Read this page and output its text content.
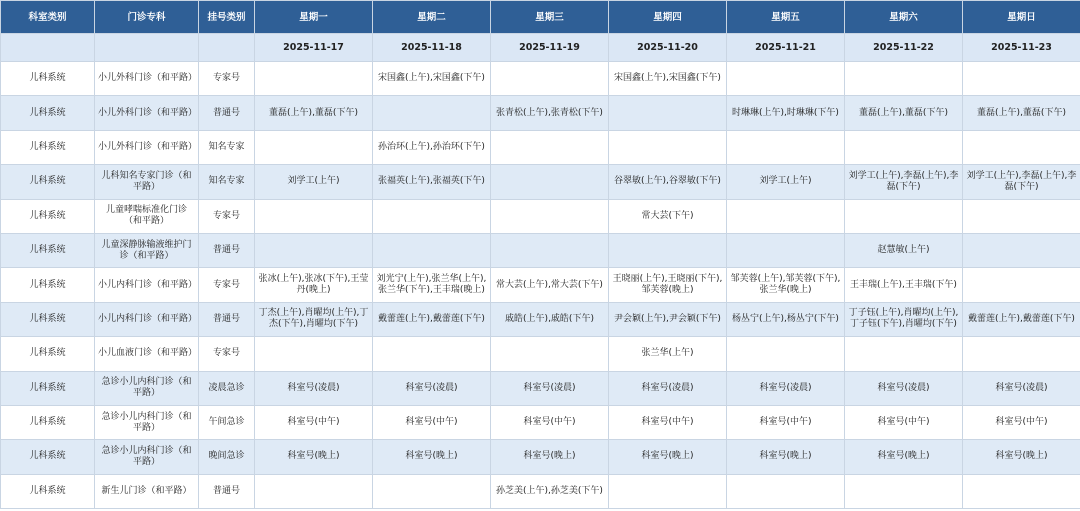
科室类别	门诊专科	挂号类别	星期一	星期二	星期三	星期四	星期五	星期六	星期日
			2025-11-17	2025-11-18	2025-11-19	2025-11-20	2025-11-21	2025-11-22	2025-11-23
儿科系统	小儿外科门诊（和平路）	专家号		宋国鑫(上午),宋国鑫(下午)		宋国鑫(上午),宋国鑫(下午)			
儿科系统	小儿外科门诊（和平路）	普通号	董磊(上午),董磊(下午)		张青松(上午),张青松(下午)		时琳琳(上午),时琳琳(下午)	董磊(上午),董磊(下午)	董磊(上午),董磊(下午)
儿科系统	小儿外科门诊（和平路）	知名专家		孙治环(上午),孙治环(下午)					
儿科系统	儿科知名专家门诊（和平路）	知名专家	刘学工(上午)	张福英(上午),张福英(下午)		谷翠敏(上午),谷翠敏(下午)	刘学工(上午)	刘学工(上午),李磊(上午),李磊(下午)	刘学工(上午),李磊(上午),李磊(下午)
儿科系统	儿童哮喘标准化门诊（和平路）	专家号				常大芸(下午)			
儿科系统	儿童深静脉输液维护门诊（和平路）	普通号						赵慧敏(上午)	
儿科系统	小儿内科门诊（和平路）	专家号	张冰(上午),张冰(下午),王莹丹(晚上)	刘光宁(上午),张兰华(上午),张兰华(下午),王丰瑞(晚上)	常大芸(上午),常大芸(下午)	王晓丽(上午),王晓丽(下午),邹芙蓉(晚上)	邹芙蓉(上午),邹芙蓉(下午),张兰华(晚上)	王丰瑞(上午),王丰瑞(下午)	
儿科系统	小儿内科门诊（和平路）	普通号	丁杰(上午),肖曜均(上午),丁杰(下午),肖曜均(下午)	戴蕾莲(上午),戴蕾莲(下午)	戚皓(上午),戚皓(下午)	尹会颖(上午),尹会颖(下午)	杨丛宁(上午),杨丛宁(下午)	丁子钰(上午),肖曜均(上午),丁子钰(下午),肖曜均(下午)	戴蕾莲(上午),戴蕾莲(下午)
儿科系统	小儿血液门诊（和平路）	专家号				张兰华(上午)			
儿科系统	急诊小儿内科门诊（和平路）	凌晨急诊	科室号(凌晨)	科室号(凌晨)	科室号(凌晨)	科室号(凌晨)	科室号(凌晨)	科室号(凌晨)	科室号(凌晨)
儿科系统	急诊小儿内科门诊（和平路）	午间急诊	科室号(中午)	科室号(中午)	科室号(中午)	科室号(中午)	科室号(中午)	科室号(中午)	科室号(中午)
儿科系统	急诊小儿内科门诊（和平路）	晚间急诊	科室号(晚上)	科室号(晚上)	科室号(晚上)	科室号(晚上)	科室号(晚上)	科室号(晚上)	科室号(晚上)
儿科系统	新生儿门诊（和平路）	普通号			孙芝美(上午),孙芝美(下午)				
